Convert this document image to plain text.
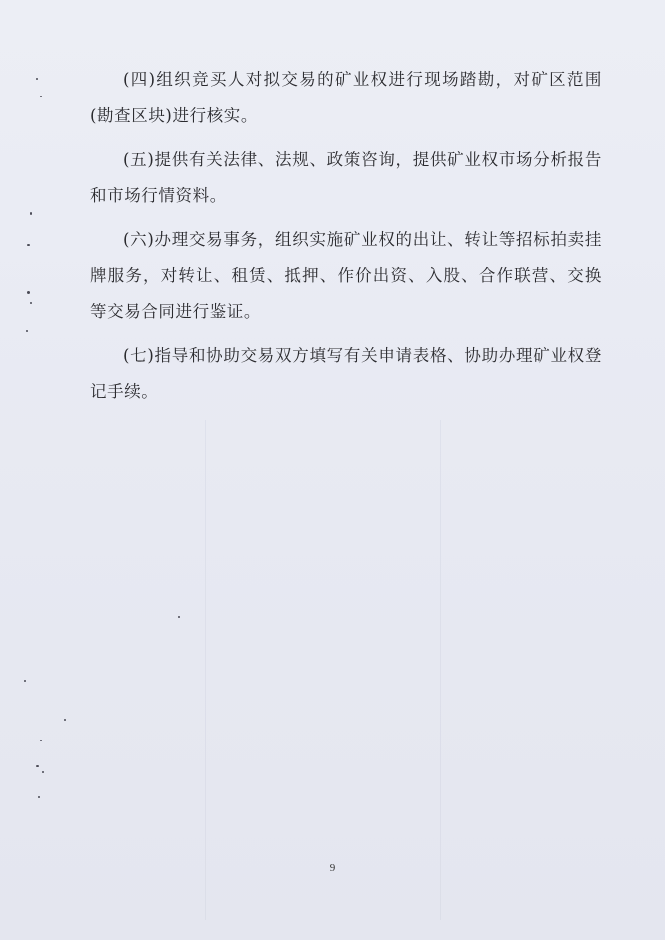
(四)组织竞买人对拟交易的矿业权进行现场踏勘，对矿区范围(勘查区块)进行核实。

(五)提供有关法律、法规、政策咨询，提供矿业权市场分析报告和市场行情资料。

(六)办理交易事务，组织实施矿业权的出让、转让等招标拍卖挂牌服务，对转让、租赁、抵押、作价出资、入股、合作联营、交换等交易合同进行鉴证。

(七)指导和协助交易双方填写有关申请表格、协助办理矿业权登记手续。

9
